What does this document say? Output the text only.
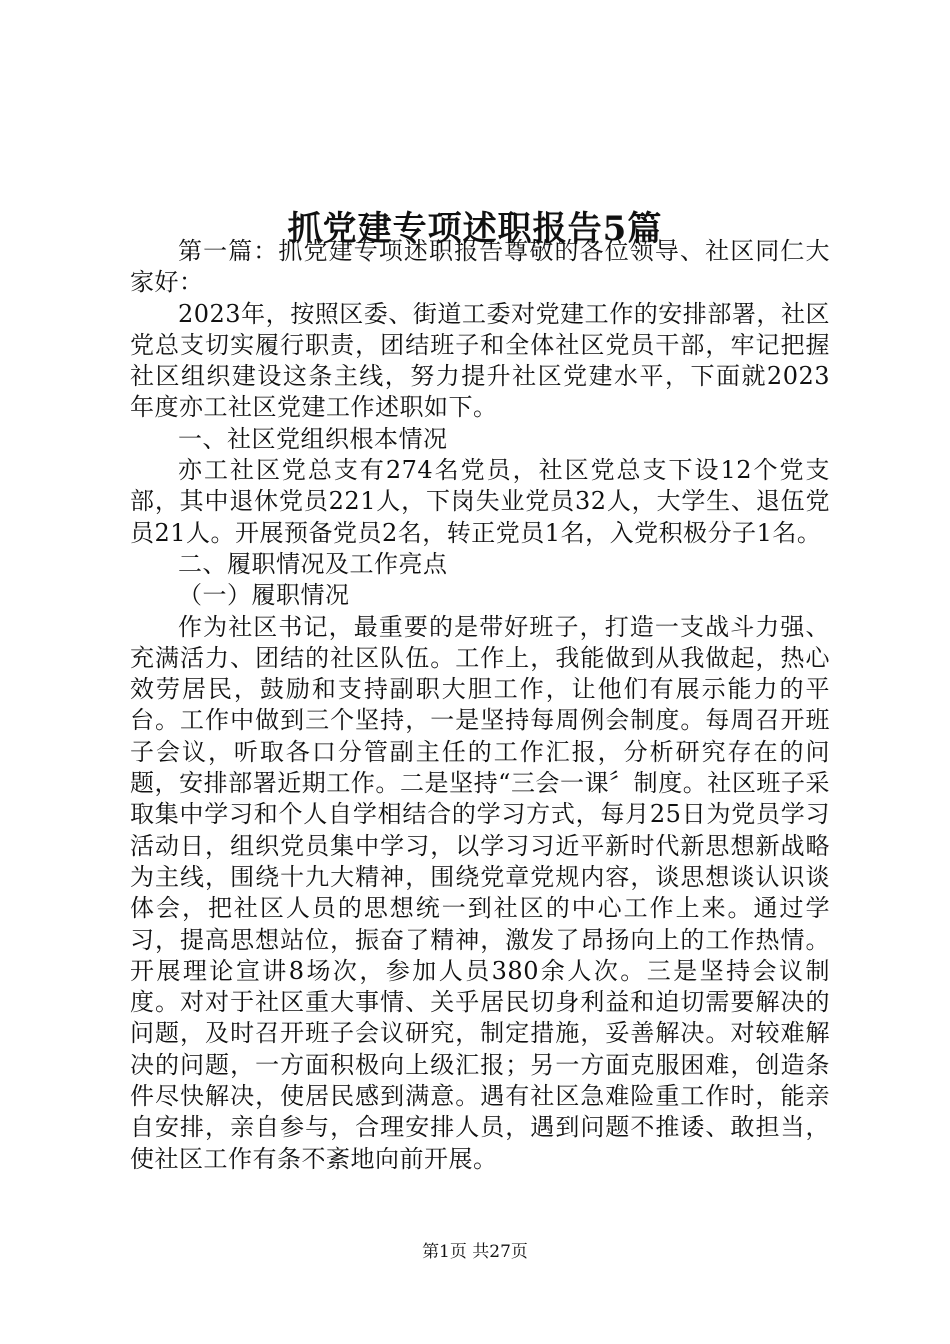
抓党建专项述职报告5篇

第一篇：抓党建专项述职报告尊敬的各位领导、社区同仁大家好：

2023年，按照区委、街道工委对党建工作的安排部署，社区党总支切实履行职责，团结班子和全体社区党员干部，牢记把握社区组织建设这条主线，努力提升社区党建水平，下面就2023年度亦工社区党建工作述职如下。

一、社区党组织根本情况

亦工社区党总支有274名党员，社区党总支下设12个党支部，其中退休党员221人，下岗失业党员32人，大学生、退伍党员21人。开展预备党员2名，转正党员1名，入党积极分子1名。

二、履职情况及工作亮点

（一）履职情况

作为社区书记，最重要的是带好班子，打造一支战斗力强、充满活力、团结的社区队伍。工作上，我能做到从我做起，热心效劳居民，鼓励和支持副职大胆工作，让他们有展示能力的平台。工作中做到三个坚持，一是坚持每周例会制度。每周召开班子会议，听取各口分管副主任的工作汇报，分析研究存在的问题，安排部署近期工作。二是坚持“三会一课〞制度。社区班子采取集中学习和个人自学相结合的学习方式，每月25日为党员学习活动日，组织党员集中学习，以学习习近平新时代新思想新战略为主线，围绕十九大精神，围绕党章党规内容，谈思想谈认识谈体会，把社区人员的思想统一到社区的中心工作上来。通过学习，提高思想站位，振奋了精神，激发了昂扬向上的工作热情。开展理论宣讲8场次，参加人员380余人次。三是坚持会议制度。对对于社区重大事情、关乎居民切身利益和迫切需要解决的问题，及时召开班子会议研究，制定措施，妥善解决。对较难解决的问题，一方面积极向上级汇报；另一方面克服困难，创造条件尽快解决，使居民感到满意。遇有社区急难险重工作时，能亲自安排，亲自参与，合理安排人员，遇到问题不推诿、敢担当，使社区工作有条不紊地向前开展。

第1页 共27页
